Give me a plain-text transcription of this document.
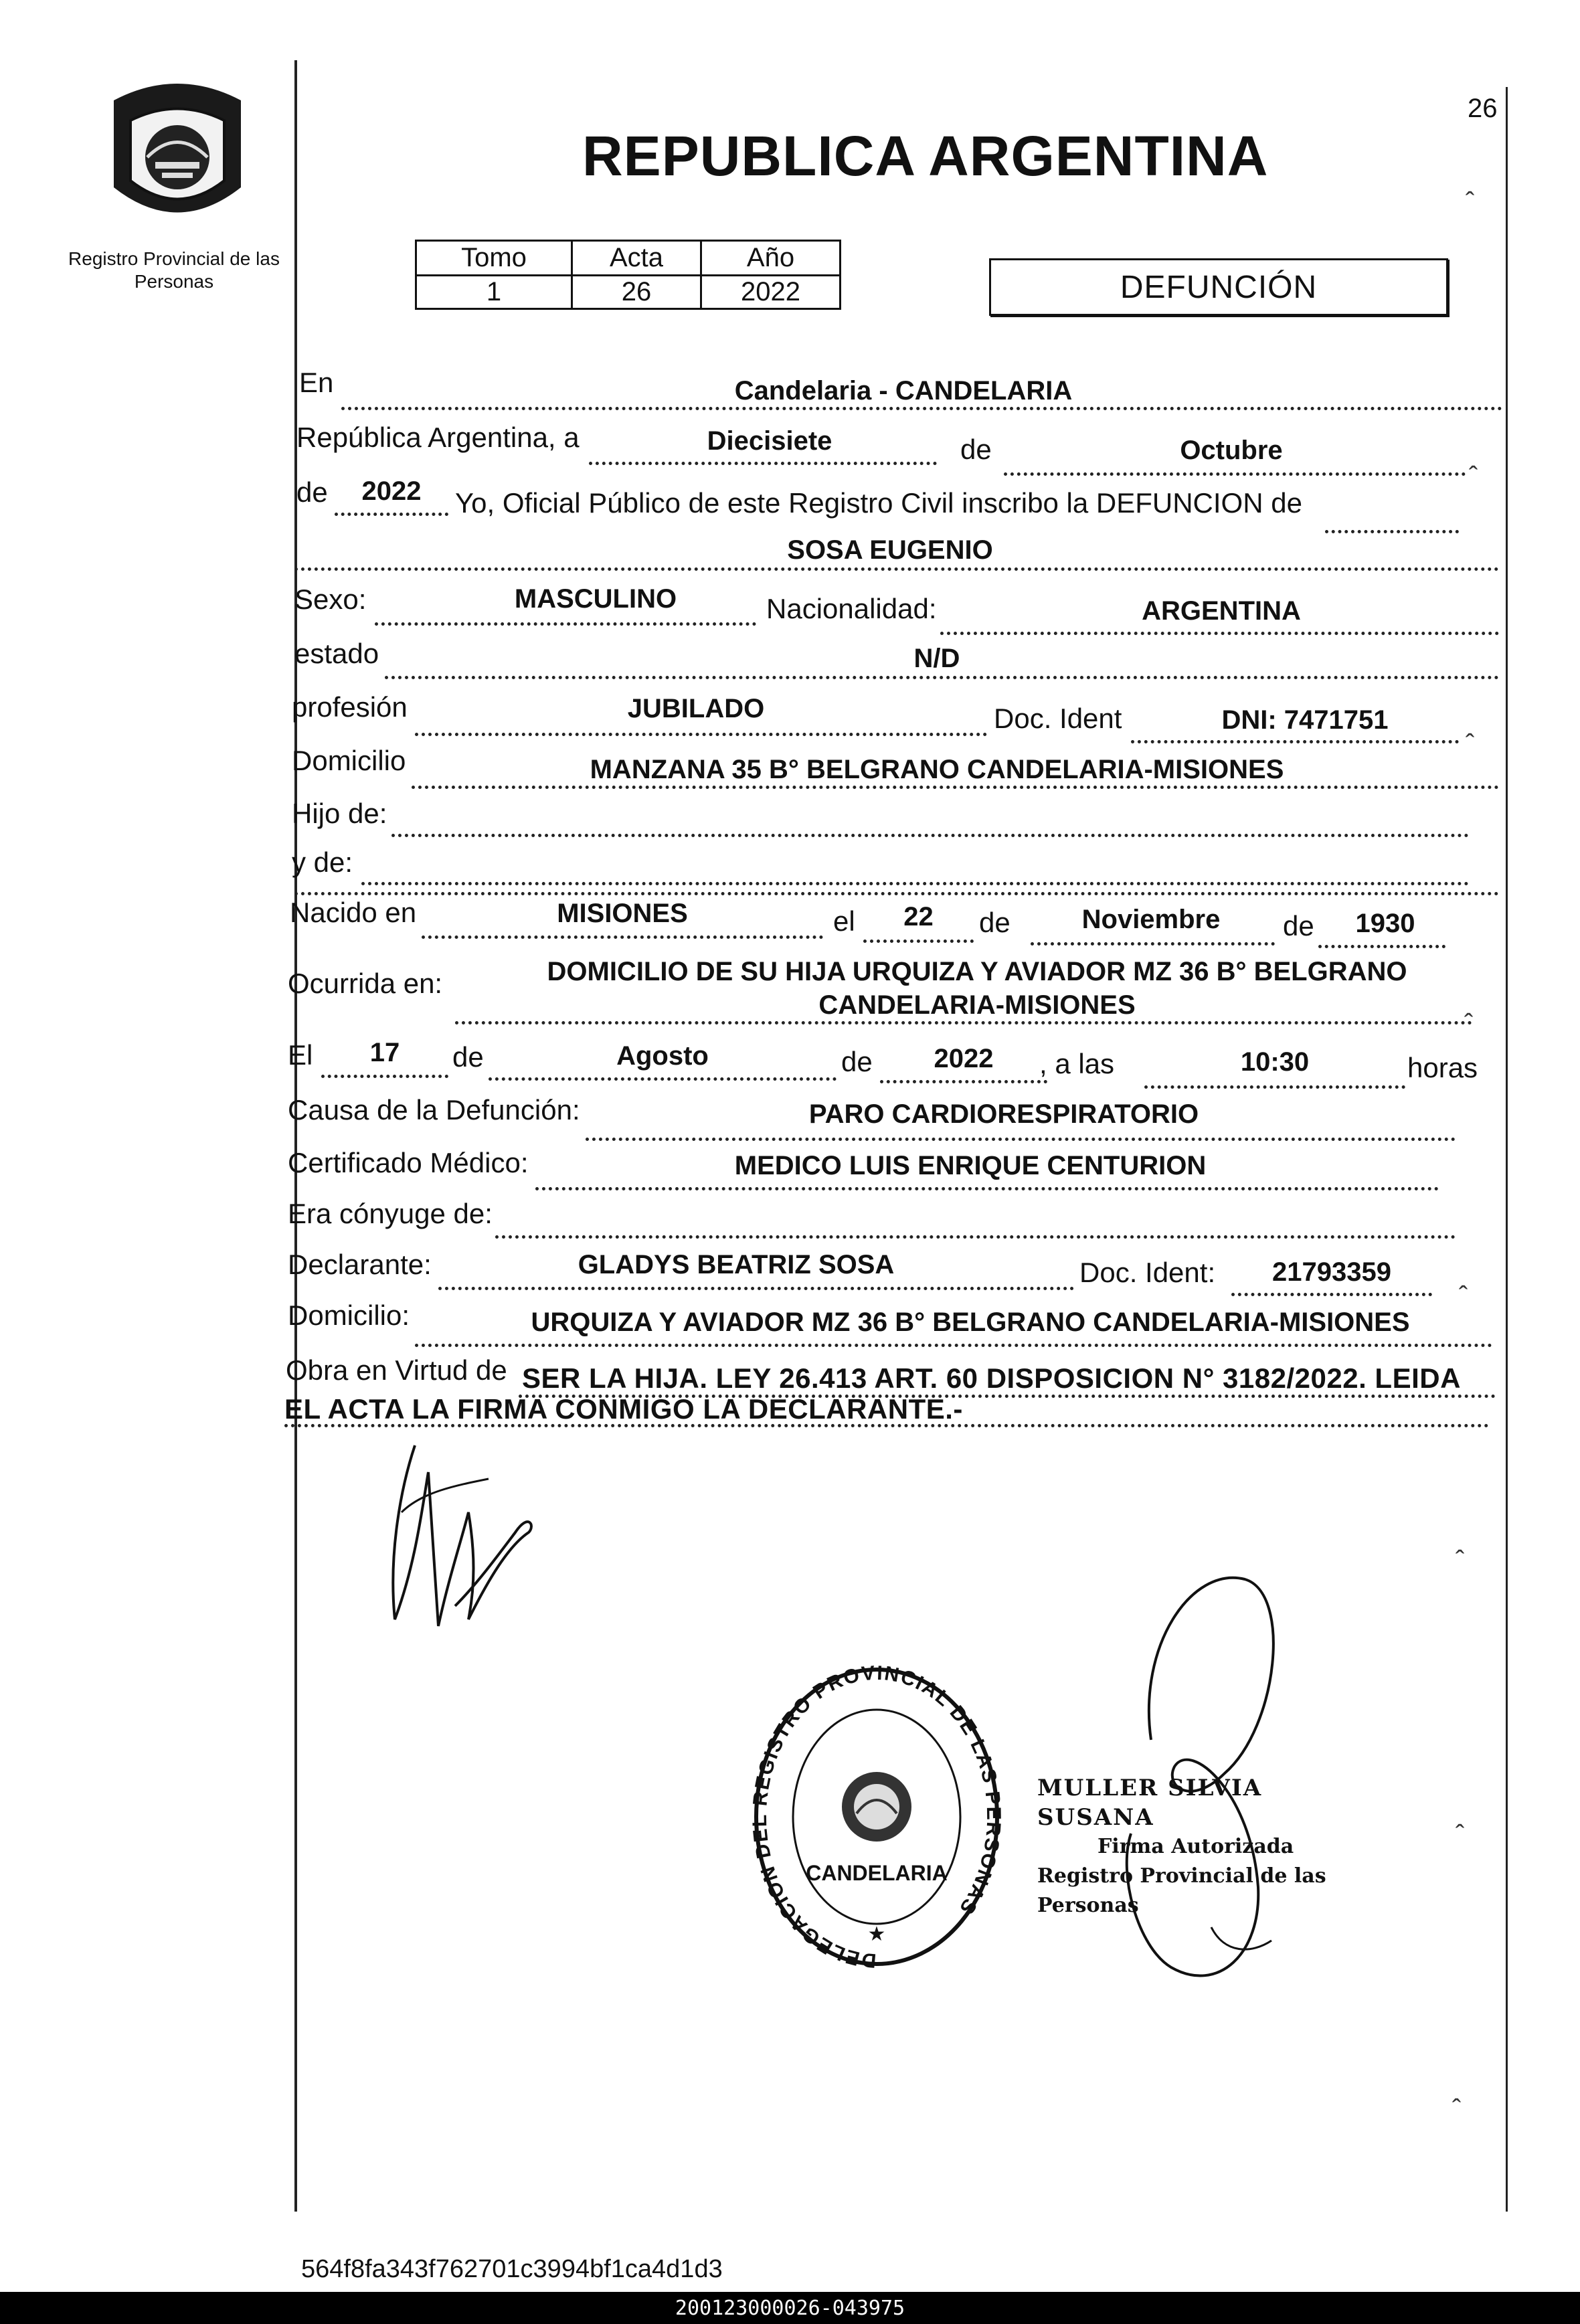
Registro Provincial de las Personas
REPUBLICA ARGENTINA
26
ˆ
Tomo	Acta	Año
1	26	2022	DEFUNCIÓN
En	Candelaria - CANDELARIA
República Argentina, a	Diecisiete	de	Octubre
ˆ
de	2022	Yo, Oficial Público de este Registro Civil inscribo la DEFUNCION de
SOSA EUGENIO
Sexo:	MASCULINO	Nacionalidad:	ARGENTINA
estado	N/D
profesión	JUBILADO	Doc. Ident	DNI: 7471751
ˆ
Domicilio	MANZANA 35 B° BELGRANO CANDELARIA-MISIONES
Hijo de:
y de:
Nacido en	MISIONES	el	22	de	Noviembre	de	1930
Ocurrida en:	DOMICILIO DE SU HIJA URQUIZA Y AVIADOR MZ 36 B° BELGRANO
CANDELARIA-MISIONES
ˆ
El	17	de	Agosto	de	2022	, a las	10:30	horas
Causa de la Defunción:	PARO CARDIORESPIRATORIO
Certificado Médico:	MEDICO LUIS ENRIQUE CENTURION
Era cónyuge de:
Declarante:	GLADYS BEATRIZ SOSA	Doc. Ident:	21793359
ˆ
Domicilio:	URQUIZA Y AVIADOR MZ 36 B° BELGRANO CANDELARIA-MISIONES
Obra en Virtud de SER LA HIJA. LEY 26.413 ART. 60 DISPOSICION N° 3182/2022. LEIDA
EL ACTA LA FIRMA CONMIGO LA DECLARANTE.-
DELEGACION DEL REGISTRO PROVINCIAL DE LAS PERSONAS
CANDELARIA
★
MULLER SILVIA SUSANA
Firma Autorizada
Registro Provincial de las Personas
ˆ
ˆ
ˆ
564f8fa343f762701c3994bf1ca4d1d3
200123000026-043975
